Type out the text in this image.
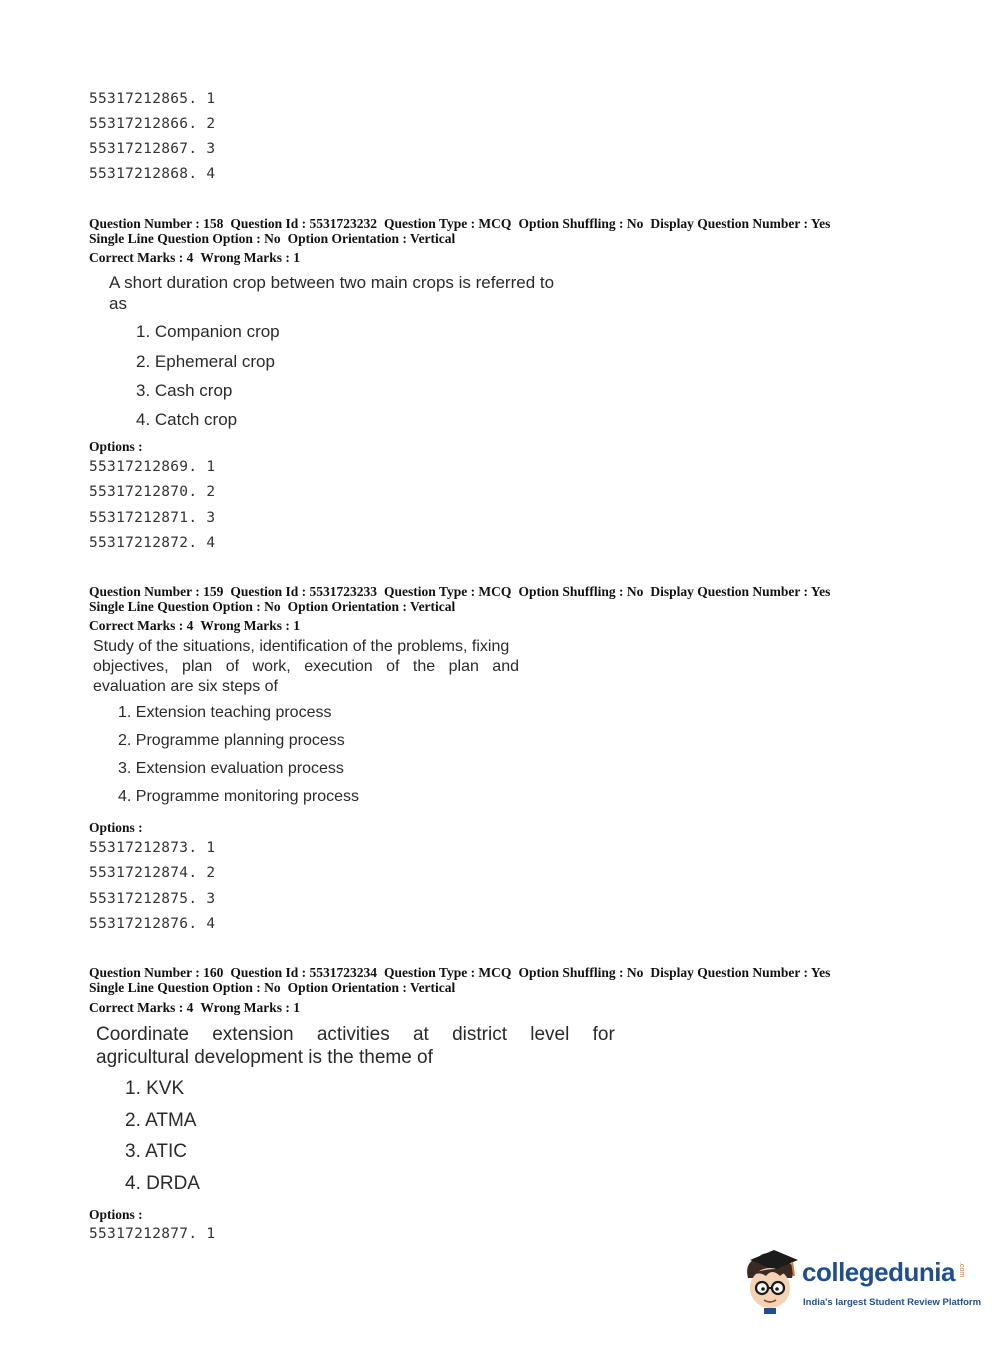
55317212865. 1
55317212866. 2
55317212867. 3
55317212868. 4
Question Number : 158 Question Id : 5531723232 Question Type : MCQ Option Shuffling : No Display Question Number : Yes
Single Line Question Option : No Option Orientation : Vertical
Correct Marks : 4 Wrong Marks : 1
A short duration crop between two main crops is referred to
as
1. Companion crop
2. Ephemeral crop
3. Cash crop
4. Catch crop
Options :
55317212869. 1
55317212870. 2
55317212871. 3
55317212872. 4
Question Number : 159 Question Id : 5531723233 Question Type : MCQ Option Shuffling : No Display Question Number : Yes
Single Line Question Option : No Option Orientation : Vertical
Correct Marks : 4 Wrong Marks : 1
Study of the situations, identification of the problems, fixing
objectives, plan of work, execution of the plan and
evaluation are six steps of
1. Extension teaching process
2. Programme planning process
3. Extension evaluation process
4. Programme monitoring process
Options :
55317212873. 1
55317212874. 2
55317212875. 3
55317212876. 4
Question Number : 160 Question Id : 5531723234 Question Type : MCQ Option Shuffling : No Display Question Number : Yes
Single Line Question Option : No Option Orientation : Vertical
Correct Marks : 4 Wrong Marks : 1
Coordinate extension activities at district level for
agricultural development is the theme of
1. KVK
2. ATMA
3. ATIC
4. DRDA
Options :
55317212877. 1
collegedunia .com
India's largest Student Review Platform
